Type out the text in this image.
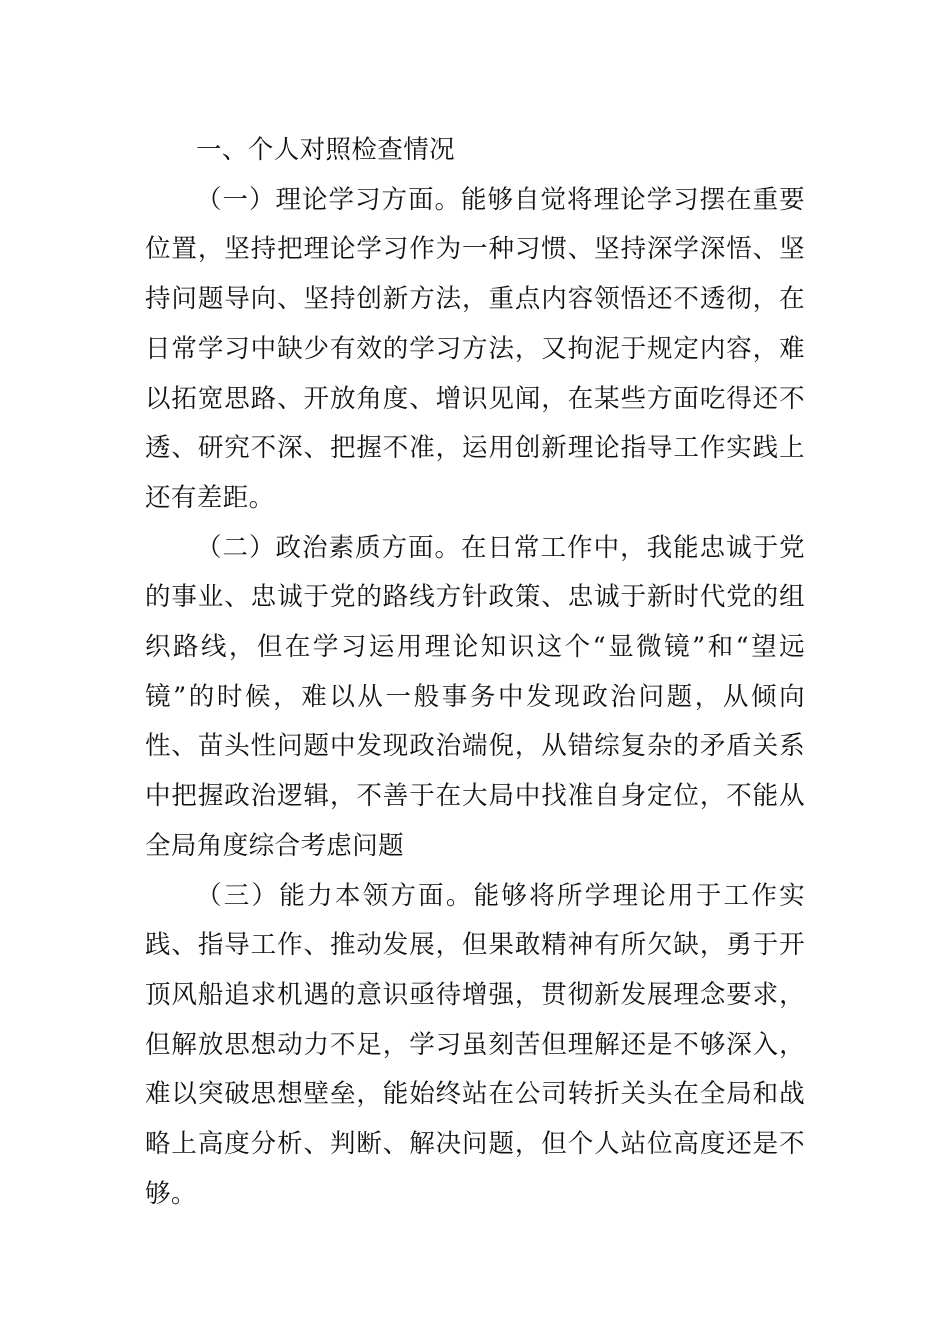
一、个人对照检查情况

（一）理论学习方面。能够自觉将理论学习摆在重要位置，坚持把理论学习作为一种习惯、坚持深学深悟、坚持问题导向、坚持创新方法，重点内容领悟还不透彻，在日常学习中缺少有效的学习方法，又拘泥于规定内容，难以拓宽思路、开放角度、增识见闻，在某些方面吃得还不透、研究不深、把握不准，运用创新理论指导工作实践上还有差距。

（二）政治素质方面。在日常工作中，我能忠诚于党的事业、忠诚于党的路线方针政策、忠诚于新时代党的组织路线，但在学习运用理论知识这个“显微镜”和“望远镜”的时候，难以从一般事务中发现政治问题，从倾向性、苗头性问题中发现政治端倪，从错综复杂的矛盾关系中把握政治逻辑，不善于在大局中找准自身定位，不能从全局角度综合考虑问题

（三）能力本领方面。能够将所学理论用于工作实践、指导工作、推动发展，但果敢精神有所欠缺，勇于开顶风船追求机遇的意识亟待增强，贯彻新发展理念要求，但解放思想动力不足，学习虽刻苦但理解还是不够深入，难以突破思想壁垒，能始终站在公司转折关头在全局和战略上高度分析、判断、解决问题，但个人站位高度还是不够。
